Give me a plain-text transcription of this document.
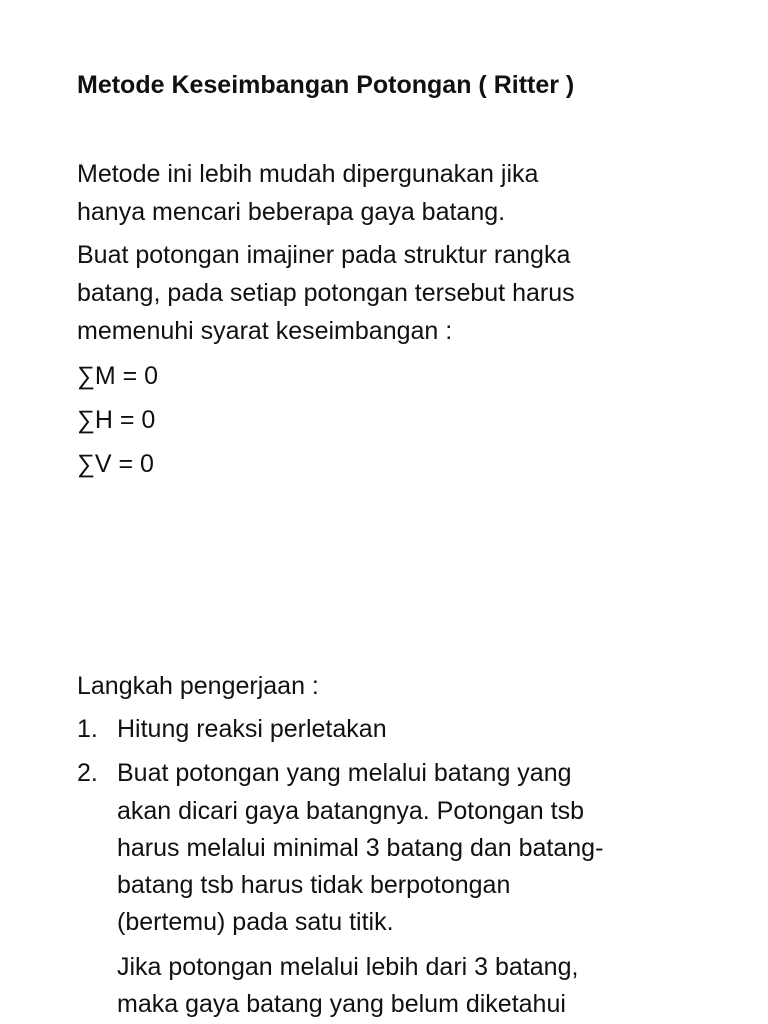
Metode Keseimbangan Potongan ( Ritter )

Metode ini lebih mudah dipergunakan jika

hanya mencari beberapa gaya batang.

Buat potongan imajiner pada struktur rangka

batang, pada setiap potongan tersebut harus

memenuhi syarat keseimbangan :

∑M = 0

∑H = 0

∑V = 0

Langkah pengerjaan :

1. Hitung reaksi perletakan
2. Buat potongan yang melalui batang yang
akan dicari gaya batangnya. Potongan tsb
harus melalui minimal 3 batang dan batang-
batang tsb harus tidak berpotongan
(bertemu) pada satu titik.
Jika potongan melalui lebih dari 3 batang,
maka gaya batang yang belum diketahui
